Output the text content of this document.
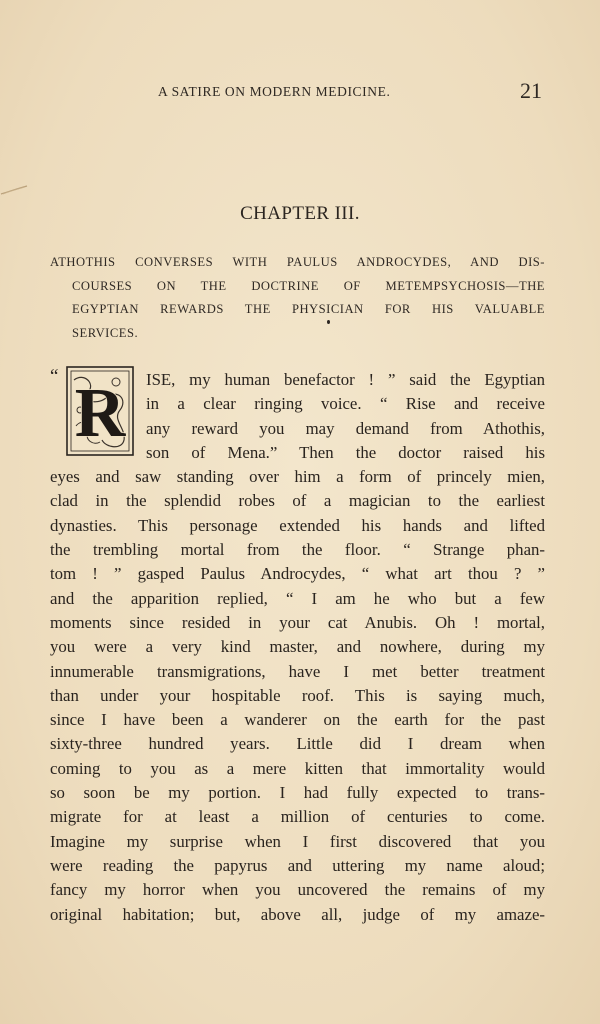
A SATIRE ON MODERN MEDICINE.	21
CHAPTER III.
ATHOTHIS CONVERSES WITH PAULUS ANDROCYDES, AND DIS-
COURSES ON THE DOCTRINE OF METEMPSYCHOSIS—THE
EGYPTIAN REWARDS THE PHYSICIAN FOR HIS VALUABLE
SERVICES.
“ R ISE, my human benefactor ! ” said the Egyptian
in a clear ringing voice. “ Rise and receive
any reward you may demand from Athothis,
son of Mena.” Then the doctor raised his
eyes and saw standing over him a form of princely mien,
clad in the splendid robes of a magician to the earliest
dynasties. This personage extended his hands and lifted
the trembling mortal from the floor. “ Strange phan-
tom ! ” gasped Paulus Androcydes, “ what art thou ? ”
and the apparition replied, “ I am he who but a few
moments since resided in your cat Anubis. Oh ! mortal,
you were a very kind master, and nowhere, during my
innumerable transmigrations, have I met better treatment
than under your hospitable roof. This is saying much,
since I have been a wanderer on the earth for the past
sixty-three hundred years. Little did I dream when
coming to you as a mere kitten that immortality would
so soon be my portion. I had fully expected to trans-
migrate for at least a million of centuries to come.
Imagine my surprise when I first discovered that you
were reading the papyrus and uttering my name aloud;
fancy my horror when you uncovered the remains of my
original habitation; but, above all, judge of my amaze-
